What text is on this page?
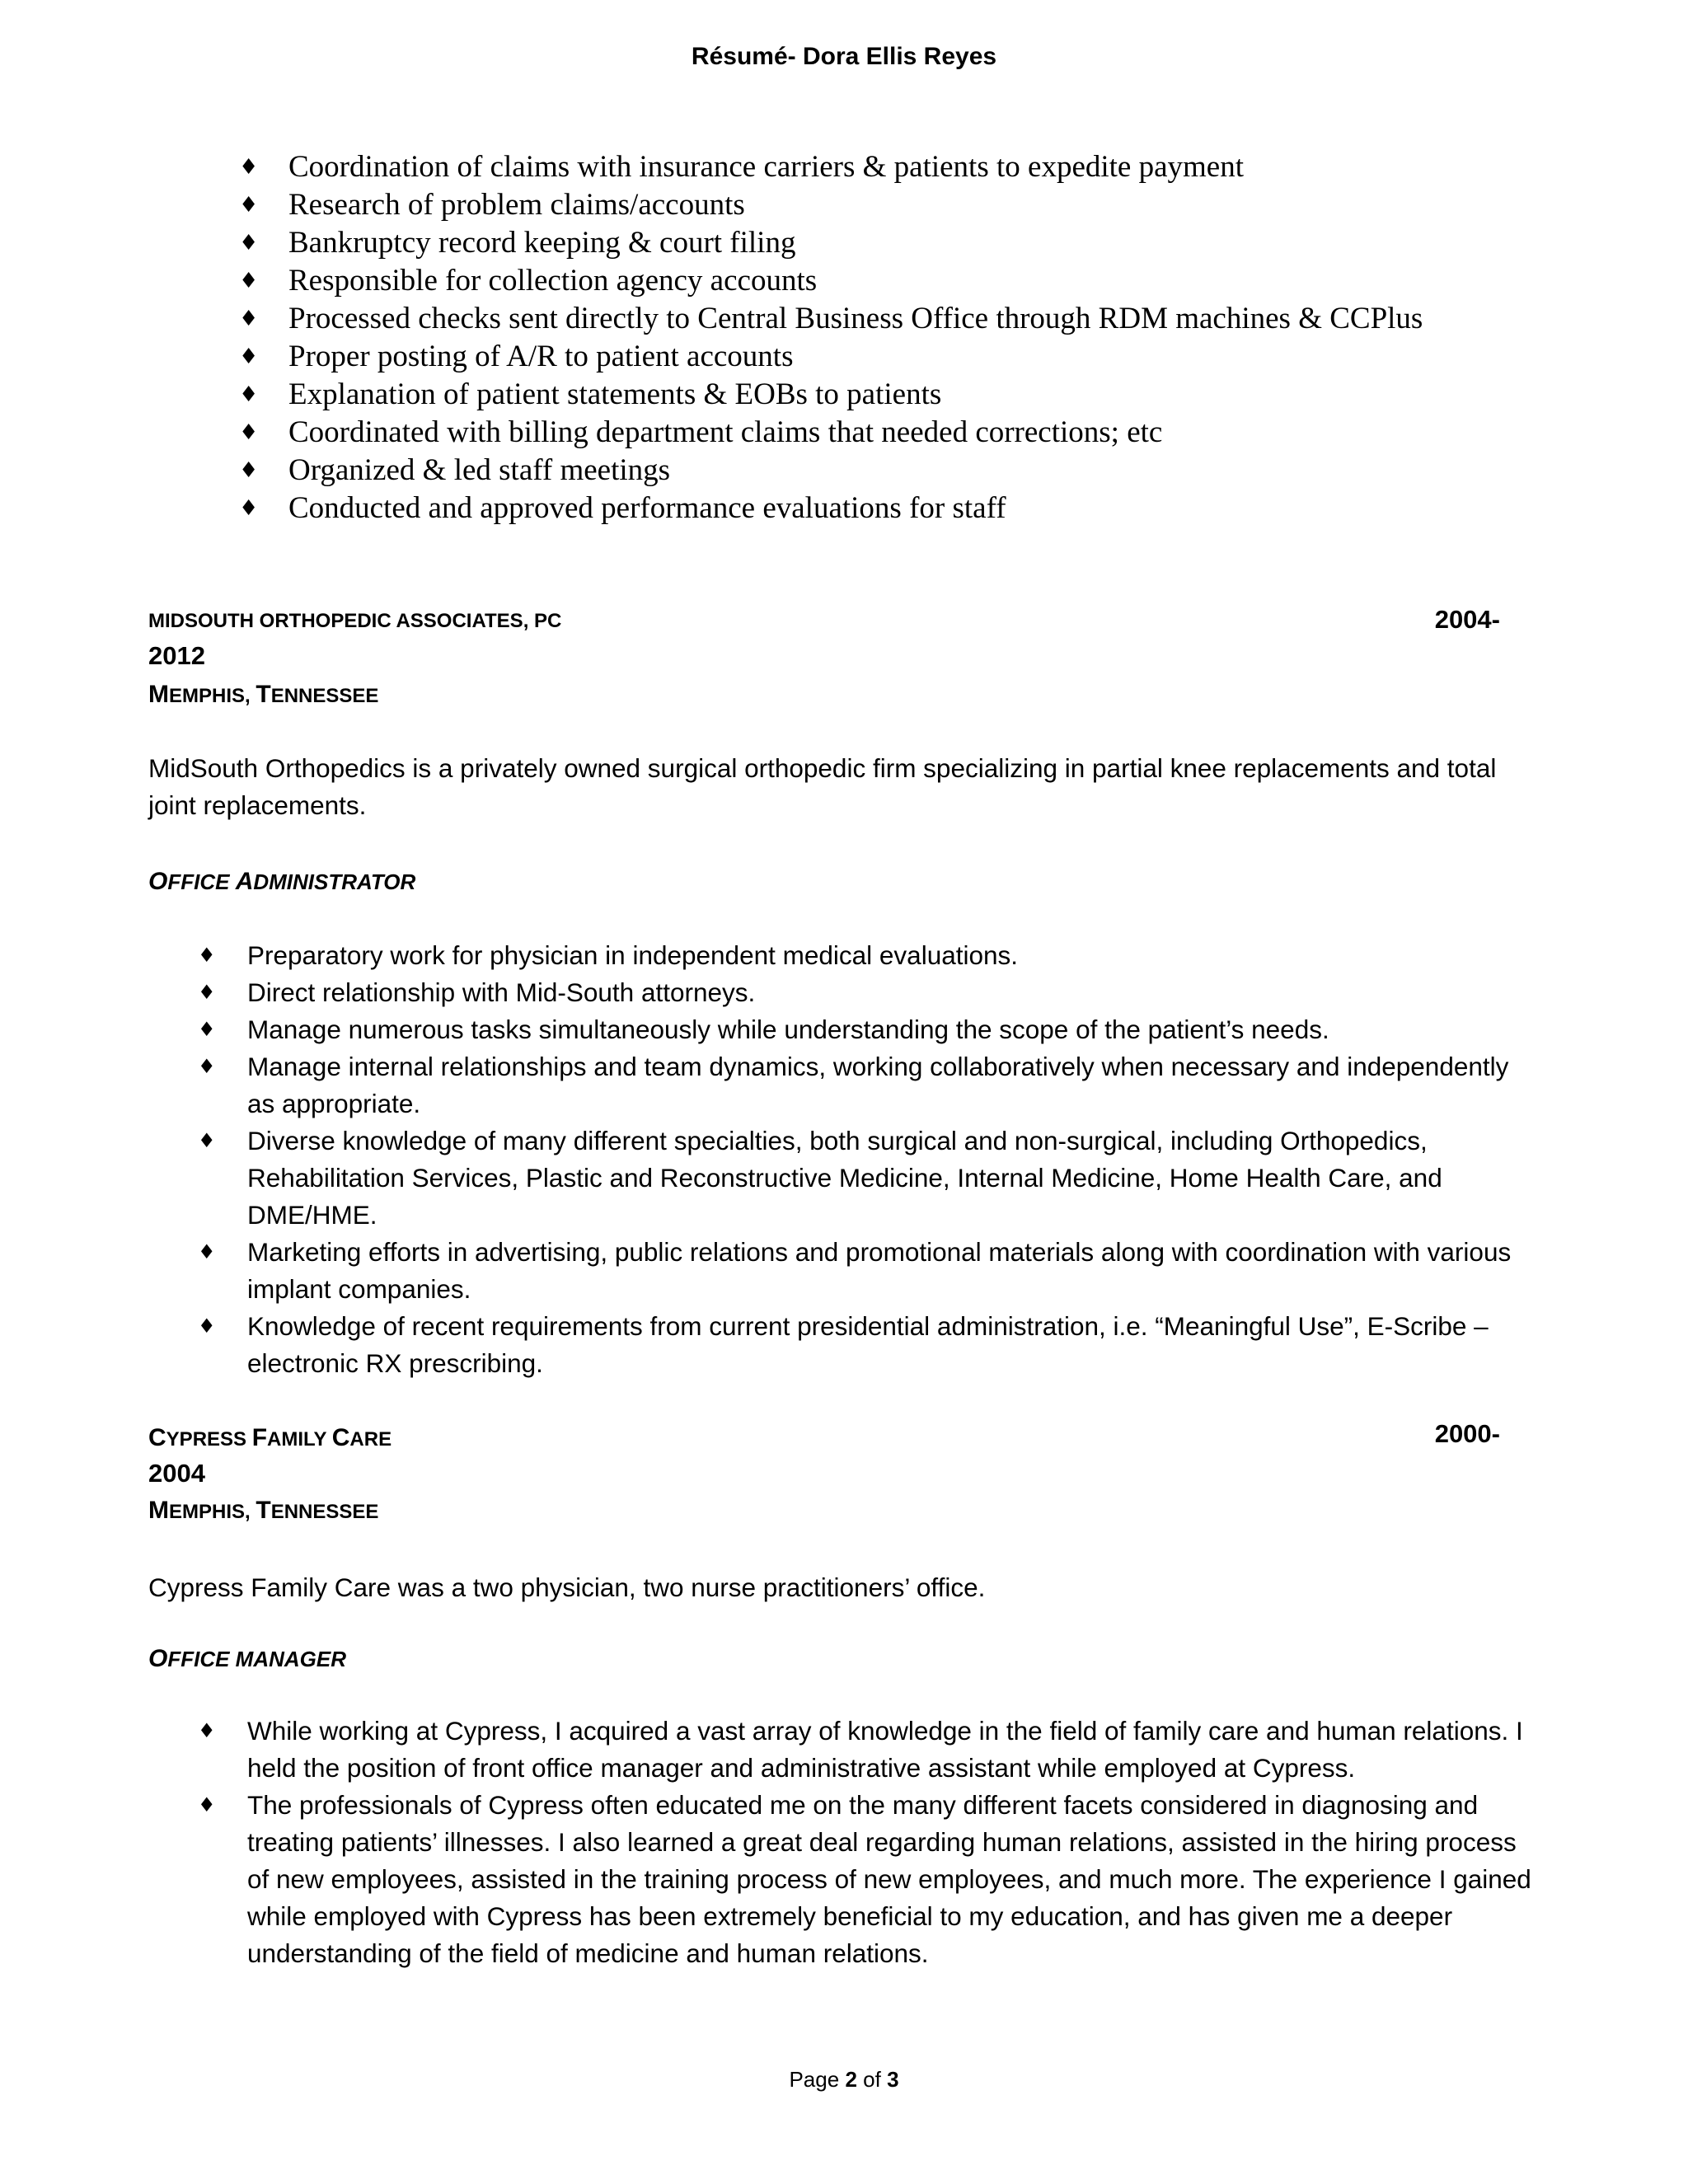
Résumé- Dora Ellis Reyes
♦ Coordination of claims with insurance carriers & patients to expedite payment
♦ Research of problem claims/accounts
♦ Bankruptcy record keeping & court filing
♦ Responsible for collection agency accounts
♦ Processed checks sent directly to Central Business Office through RDM machines & CCPlus
♦ Proper posting of A/R to patient accounts
♦ Explanation of patient statements & EOBs to patients
♦ Coordinated with billing department claims that needed corrections; etc
♦ Organized & led staff meetings
♦ Conducted and approved performance evaluations for staff
MIDSOUTH ORTHOPEDIC ASSOCIATES, PC	2004-
2012
MEMPHIS, TENNESSEE
MidSouth Orthopedics is a privately owned surgical orthopedic firm specializing in partial knee replacements and total joint replacements.
OFFICE ADMINISTRATOR
♦ Preparatory work for physician in independent medical evaluations.
♦ Direct relationship with Mid-South attorneys.
♦ Manage numerous tasks simultaneously while understanding the scope of the patient’s needs.
♦ Manage internal relationships and team dynamics, working collaboratively when necessary and independently as appropriate.
♦ Diverse knowledge of many different specialties, both surgical and non-surgical, including Orthopedics, Rehabilitation Services, Plastic and Reconstructive Medicine, Internal Medicine, Home Health Care, and DME/HME.
♦ Marketing efforts in advertising, public relations and promotional materials along with coordination with various implant companies.
♦ Knowledge of recent requirements from current presidential administration, i.e. “Meaningful Use”, E-Scribe – electronic RX prescribing.
CYPRESS FAMILY CARE	2000-
2004
MEMPHIS, TENNESSEE
Cypress Family Care was a two physician, two nurse practitioners’ office.
OFFICE MANAGER
♦ While working at Cypress, I acquired a vast array of knowledge in the field of family care and human relations. I held the position of front office manager and administrative assistant while employed at Cypress.
♦ The professionals of Cypress often educated me on the many different facets considered in diagnosing and treating patients’ illnesses. I also learned a great deal regarding human relations, assisted in the hiring process of new employees, assisted in the training process of new employees, and much more. The experience I gained while employed with Cypress has been extremely beneficial to my education, and has given me a deeper understanding of the field of medicine and human relations.
Page 2 of 3
